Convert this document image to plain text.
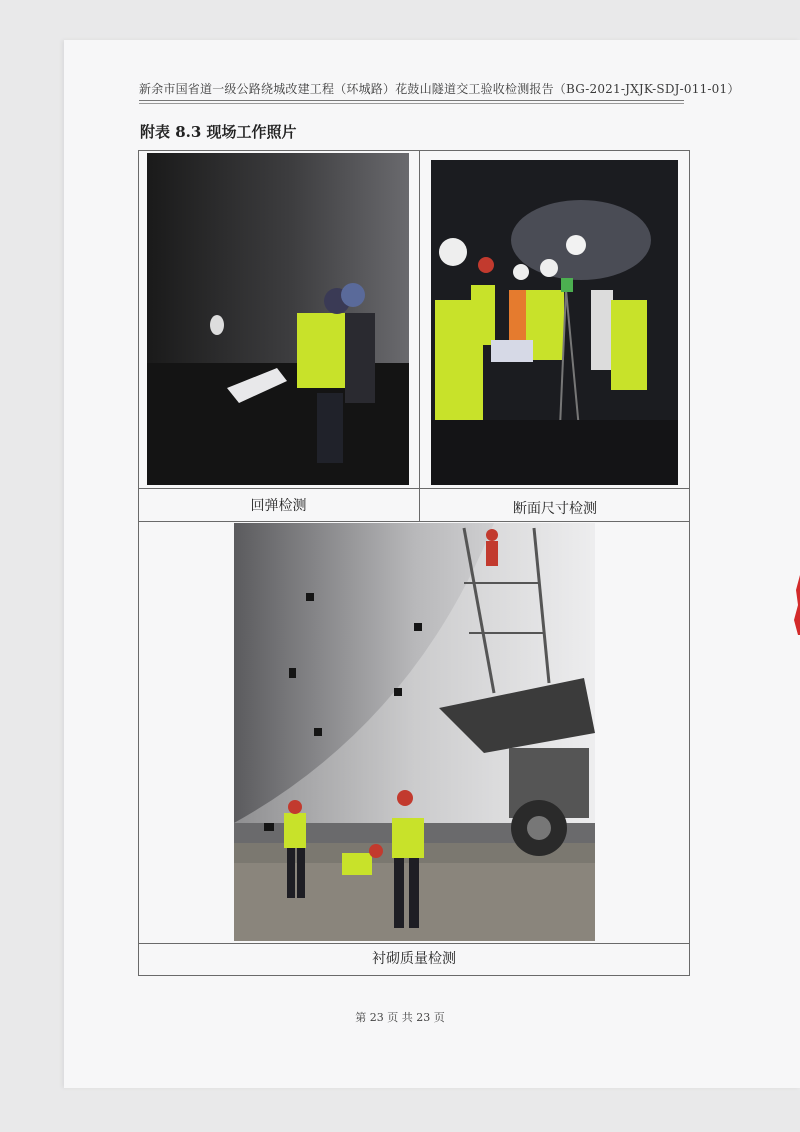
新余市国省道一级公路绕城改建工程（环城路）花鼓山隧道交工验收检测报告（BG-2021-JXJK-SDJ-011-01）
附表 8.3 现场工作照片
回弹检测	断面尺寸检测
衬砌质量检测
第 23 页 共 23 页
